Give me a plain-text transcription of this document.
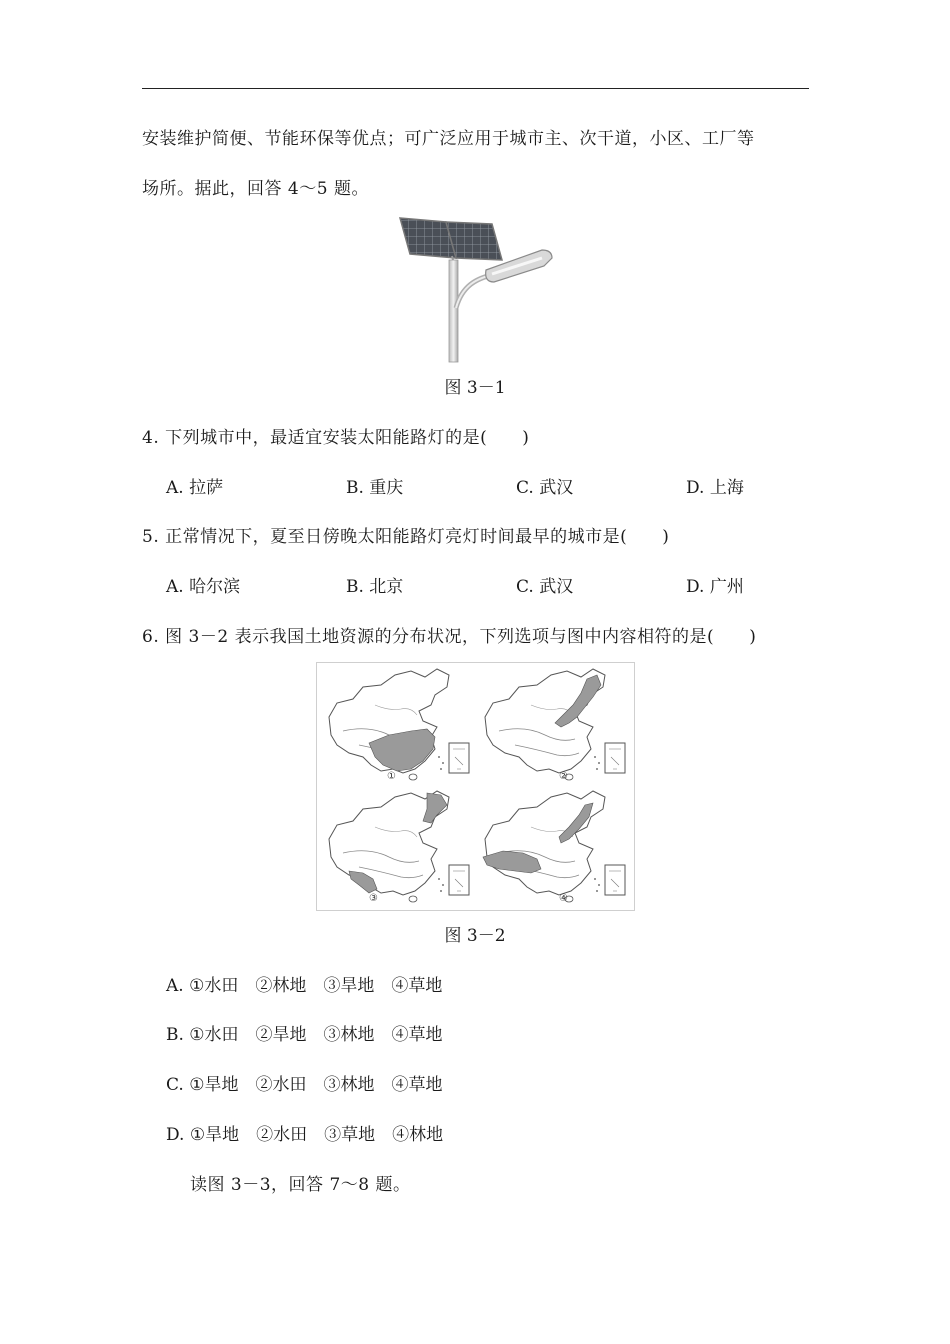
安装维护简便、节能环保等优点；可广泛应用于城市主、次干道，小区、工厂等
场所。据此，回答 4～5 题。
图 3－1
4. 下列城市中，最适宜安装太阳能路灯的是(　　)
A. 拉萨	B. 重庆	C. 武汉	D. 上海
5. 正常情况下，夏至日傍晚太阳能路灯亮灯时间最早的城市是(　　)
A. 哈尔滨	B. 北京	C. 武汉	D. 广州
6. 图 3－2 表示我国土地资源的分布状况，下列选项与图中内容相符的是(　　)
①	②
③	④
图 3－2
A. ①水田　②林地　③旱地　④草地
B. ①水田　②旱地　③林地　④草地
C. ①旱地　②水田　③林地　④草地
D. ①旱地　②水田　③草地　④林地
读图 3－3，回答 7～8 题。
